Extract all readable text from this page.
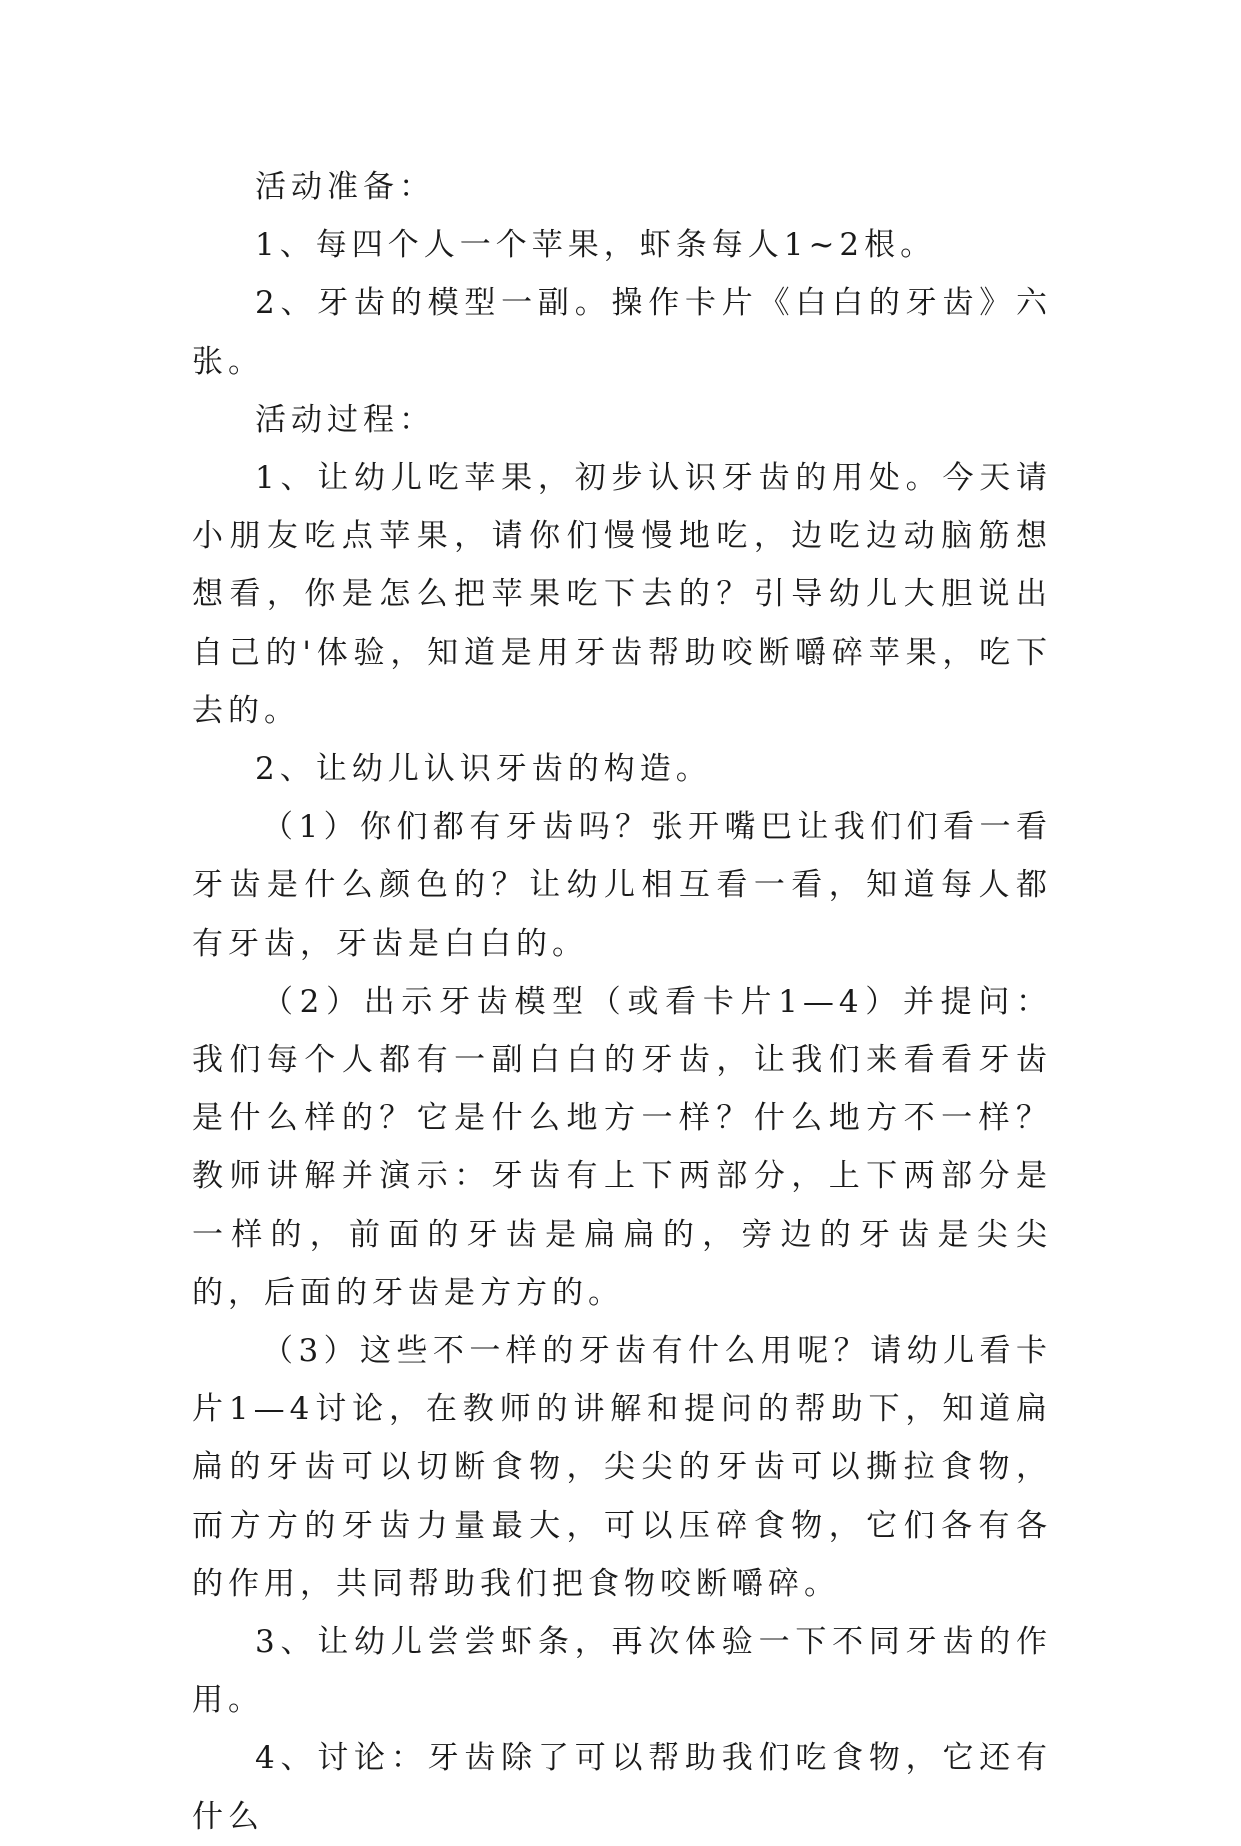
活动准备：

1、每四个人一个苹果，虾条每人1~2根。

2、牙齿的模型一副。操作卡片《白白的牙齿》六张。

活动过程：

1、让幼儿吃苹果，初步认识牙齿的用处。今天请小朋友吃点苹果，请你们慢慢地吃，边吃边动脑筋想想看，你是怎么把苹果吃下去的？引导幼儿大胆说出自己的'体验，知道是用牙齿帮助咬断嚼碎苹果，吃下去的。

2、让幼儿认识牙齿的构造。

（1）你们都有牙齿吗？张开嘴巴让我们们看一看牙齿是什么颜色的？让幼儿相互看一看，知道每人都有牙齿，牙齿是白白的。

（2）出示牙齿模型（或看卡片1—4）并提问：我们每个人都有一副白白的牙齿，让我们来看看牙齿是什么样的？它是什么地方一样？什么地方不一样？教师讲解并演示：牙齿有上下两部分，上下两部分是一样的，前面的牙齿是扁扁的，旁边的牙齿是尖尖的，后面的牙齿是方方的。

（3）这些不一样的牙齿有什么用呢？请幼儿看卡片1—4讨论，在教师的讲解和提问的帮助下，知道扁扁的牙齿可以切断食物，尖尖的牙齿可以撕拉食物，而方方的牙齿力量最大，可以压碎食物，它们各有各的作用，共同帮助我们把食物咬断嚼碎。

3、让幼儿尝尝虾条，再次体验一下不同牙齿的作用。

4、讨论：牙齿除了可以帮助我们吃食物，它还有什么
